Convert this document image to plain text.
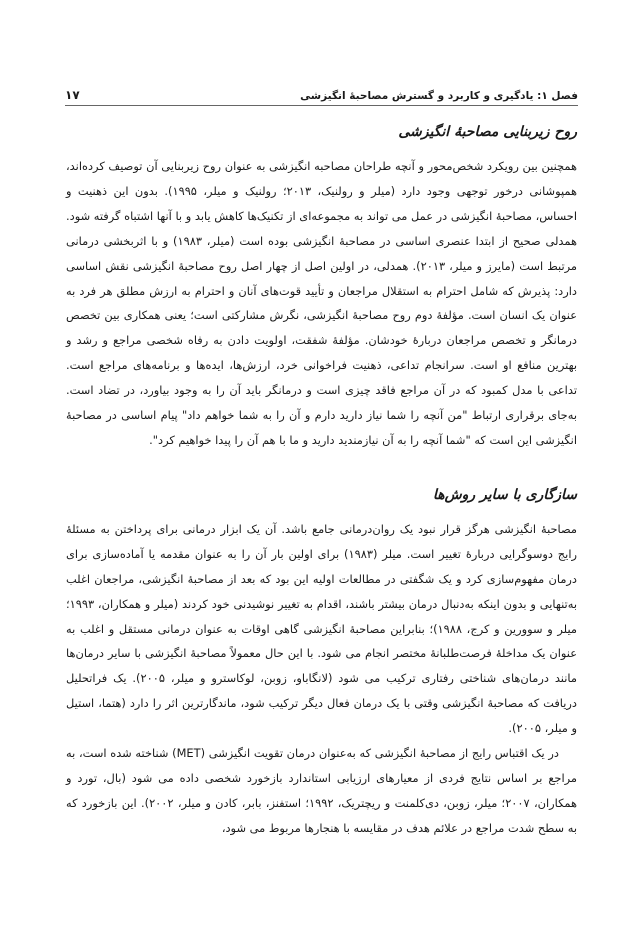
فصل ۱: یادگیری و کاربرد و گسترش مصاحبهٔ انگیزشی
۱۷
روح زیربنایی مصاحبهٔ انگیزشی

همچنین بین رویکرد شخص‌محور و آنچه طراحان مصاحبه انگیزشی به عنوان روح زیربنایی آن توصیف کرده‌اند، همپوشانی درخور توجهی وجود دارد (میلر و رولنیک، ۲۰۱۳؛ رولنیک و میلر، ۱۹۹۵). بدون این ذهنیت و احساس، مصاحبهٔ انگیزشی در عمل می تواند به مجموعه‌ای از تکنیک‌ها کاهش یابد و با آنها اشتباه گرفته شود. همدلی صحیح از ابتدا عنصری اساسی در مصاحبهٔ انگیزشی بوده است (میلر، ۱۹۸۳) و با اثربخشی درمانی مرتبط است (مایرز و میلر، ۲۰۱۳). همدلی، در اولین اصل از چهار اصل روح مصاحبهٔ انگیزشی نقش اساسی دارد: پذیرش که شامل احترام به استقلال مراجعان و تأیید قوت‌های آنان و احترام به ارزش مطلق هر فرد به عنوان یک انسان است. مؤلفهٔ دوم روح مصاحبهٔ انگیزشی، نگرش مشارکتی است؛ یعنی همکاری بین تخصص درمانگر و تخصص مراجعان دربارهٔ خودشان. مؤلفهٔ شفقت، اولویت دادن به رفاه شخصی مراجع و رشد و بهترین منافع او است. سرانجام تداعی، ذهنیت فراخوانی خرد، ارزش‌ها، ایده‌ها و برنامه‌های مراجع است. تداعی با مدل کمبود که در آن مراجع فاقد چیزی است و درمانگر باید آن را به وجود بیاورد، در تضاد است. به‌جای برقراری ارتباط "من آنچه را شما نیاز دارید دارم و آن را به شما خواهم داد" پیام اساسی در مصاحبهٔ انگیزشی این است که "شما آنچه را به آن نیازمندید دارید و ما با هم آن را پیدا خواهیم کرد".

سازگاری با سایر روش‌ها

مصاحبهٔ انگیزشی هرگز قرار نبود یک روان‌درمانی جامع باشد. آن یک ابزار درمانی برای پرداختن به مسئلهٔ رایج دوسوگرایی دربارهٔ تغییر است. میلر (۱۹۸۳) برای اولین بار آن را به عنوان مقدمه یا آماده‌سازی برای درمان مفهوم‌سازی کرد و یک شگفتی در مطالعات اولیه این بود که بعد از مصاحبهٔ انگیزشی، مراجعان اغلب به‌تنهایی و بدون اینکه به‌دنبال درمان بیشتر باشند، اقدام به تغییر نوشیدنی خود کردند (میلر و همکاران، ۱۹۹۳؛ میلر و سوورین و کرج، ۱۹۸۸)؛ بنابراین مصاحبهٔ انگیزشی گاهی اوقات به عنوان درمانی مستقل و اغلب به عنوان یک مداخلهٔ فرصت‌طلبانهٔ مختصر انجام می شود. با این حال معمولاً مصاحبهٔ انگیزشی با سایر درمان‌ها مانند درمان‌های شناختی رفتاری ترکیب می شود (لانگاباو، زوبن، لوکاسترو و میلر، ۲۰۰۵). یک فراتحلیل دریافت که مصاحبهٔ انگیزشی وقتی با یک درمان فعال دیگر ترکیب شود، ماندگارترین اثر را دارد (هتما، استیل و میلر، ۲۰۰۵).

در یک اقتباس رایج از مصاحبهٔ انگیزشی که به‌عنوان درمان تقویت انگیزشی (MET) شناخته شده است، به مراجع بر اساس نتایج فردی از معیارهای ارزیابی استاندارد بازخورد شخصی داده می شود (بال، تورد و همکاران، ۲۰۰۷؛ میلر، زوبن، دی‌کلمنت و ریچتریک، ۱۹۹۲؛ استفنز، بابر، کادن و میلر، ۲۰۰۲). این بازخورد که به سطح شدت مراجع در علائم هدف در مقایسه با هنجارها مربوط می شود،
